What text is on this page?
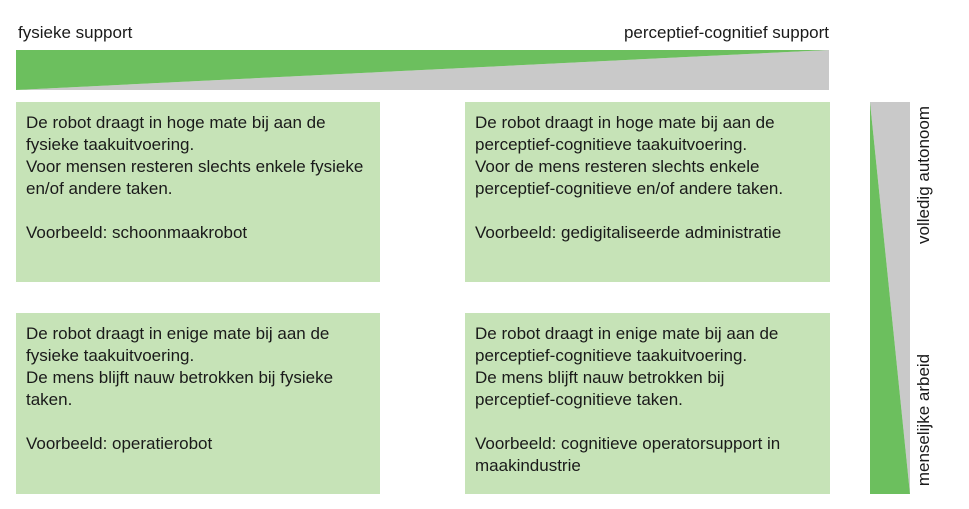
fysieke support	perceptief-cognitief support
volledig autonoom
menselijke arbeid

De robot draagt in hoge mate bij aan de

fysieke taakuitvoering.

Voor mensen resteren slechts enkele fysieke

en/of andere taken.

Voorbeeld: schoonmaakrobot

De robot draagt in hoge mate bij aan de

perceptief-cognitieve taakuitvoering.

Voor de mens resteren slechts enkele

perceptief-cognitieve en/of andere taken.

Voorbeeld: gedigitaliseerde administratie

De robot draagt in enige mate bij aan de

fysieke taakuitvoering.

De mens blijft nauw betrokken bij fysieke

taken.

Voorbeeld: operatierobot

De robot draagt in enige mate bij aan de

perceptief-cognitieve taakuitvoering.

De mens blijft nauw betrokken bij

perceptief-cognitieve taken.

Voorbeeld: cognitieve operatorsupport in

maakindustrie
